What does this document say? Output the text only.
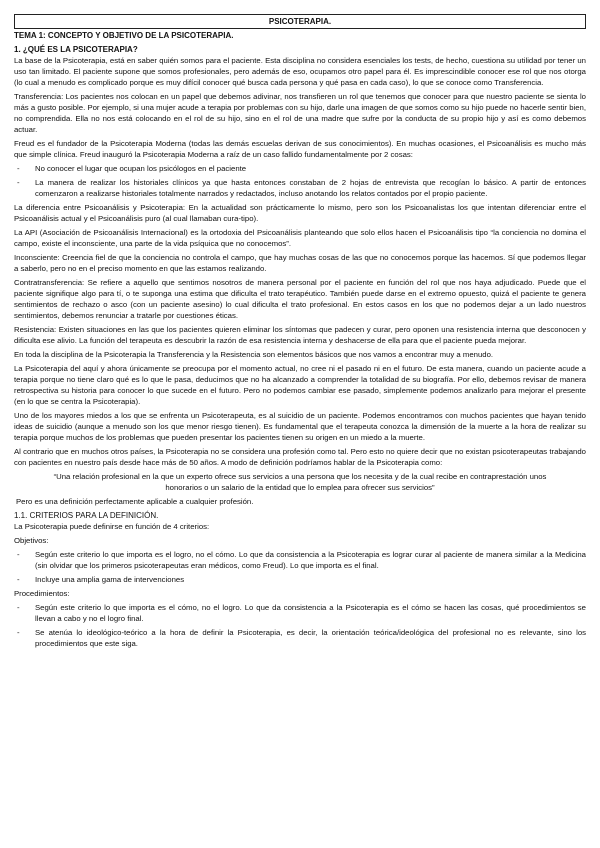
PSICOTERAPIA.
TEMA 1: CONCEPTO Y OBJETIVO DE LA PSICOTERAPIA.
1. ¿QUÉ ES LA PSICOTERAPIA?

La base de la Psicoterapia, está en saber quién somos para el paciente. Esta disciplina no considera esenciales los tests, de hecho, cuestiona su utilidad por tener un uso tan limitado. El paciente supone que somos profesionales, pero además de eso, ocupamos otro papel para él. Es imprescindible conocer ese rol que nos otorga (lo cual a menudo es complicado porque es muy difícil conocer qué busca cada persona y qué pasa en cada caso), lo que se conoce como Transferencia.

Transferencia: Los pacientes nos colocan en un papel que debemos adivinar, nos transfieren un rol que tenemos que conocer para que nuestro paciente se sienta lo más a gusto posible. Por ejemplo, si una mujer acude a terapia por problemas con su hijo, darle una imagen de que somos como su hijo puede no hacerle sentir bien, no comprendida. Ella no nos está colocando en el rol de su hijo, sino en el rol de una madre que sufre por la conducta de su propio hijo y así es como debemos actuar.

Freud es el fundador de la Psicoterapia Moderna (todas las demás escuelas derivan de sus conocimientos). En muchas ocasiones, el Psicoanálisis es mucho más que simple clínica. Freud inauguró la Psicoterapia Moderna a raíz de un caso fallido fundamentalmente por 2 cosas:

-	No conocer el lugar que ocupan los psicólogos en el paciente
-	La manera de realizar los historiales clínicos ya que hasta entonces constaban de 2 hojas de entrevista que recogían lo básico. A partir de entonces comenzaron a realizarse historiales totalmente narrados y redactados, incluso anotando los relatos contados por el propio paciente.

La diferencia entre Psicoanálisis y Psicoterapia: En la actualidad son prácticamente lo mismo, pero son los Psicoanalistas los que intentan diferenciar entre el Psicoanálisis actual y el Psicoanálisis puro (al cual llamaban cura-tipo).

La API (Asociación de Psicoanálisis Internacional) es la ortodoxia del Psicoanálisis planteando que solo ellos hacen el Psicoanálisis tipo “la conciencia no domina el campo, existe el inconsciente, una parte de la vida psíquica que no conocemos”.

Inconsciente: Creencia fiel de que la conciencia no controla el campo, que hay muchas cosas de las que no conocemos porque las hacemos. Sí que podemos llegar a saberlo, pero no en el preciso momento en que las estamos realizando.

Contratransferencia: Se refiere a aquello que sentimos nosotros de manera personal por el paciente en función del rol que nos haya adjudicado. Puede que el paciente signifique algo para tí, o te suponga una estima que dificulta el trato terapéutico. También puede darse en el extremo opuesto, quizá el paciente te genera sentimientos de rechazo o asco (con un paciente asesino) lo cual dificulta el trato profesional. En estos casos en los que no podemos dejar a un lado nuestros sentimientos, debemos renunciar a tratarle por cuestiones éticas.

Resistencia: Existen situaciones en las que los pacientes quieren eliminar los síntomas que padecen y curar, pero oponen una resistencia interna que desconocen y dificulta ese alivio. La función del terapeuta es descubrir la razón de esa resistencia interna y deshacerse de ella para que el paciente pueda mejorar.

En toda la disciplina de la Psicoterapia la Transferencia y la Resistencia son elementos básicos que nos vamos a encontrar muy a menudo.

La Psicoterapia del aquí y ahora únicamente se preocupa por el momento actual, no cree ni el pasado ni en el futuro. De esta manera, cuando un paciente acude a terapia porque no tiene claro qué es lo que le pasa, deducimos que no ha alcanzado a comprender la totalidad de su biografía. Por ello, debemos revisar de manera retrospectiva su historia para conocer lo que sucede en el futuro. Pero no podemos cambiar ese pasado, simplemente podemos analizarlo para mejorar el presente (en lo que se centra la Psicoterapia).

Uno de los mayores miedos a los que se enfrenta un Psicoterapeuta, es al suicidio de un paciente. Podemos encontramos con muchos pacientes que hayan tenido ideas de suicidio (aunque a menudo son los que menor riesgo tienen). Es fundamental que el terapeuta conozca la dimensión de la muerte a la hora de realizar su terapia porque muchos de los problemas que pueden presentar los pacientes tienen su origen en un miedo a la muerte.

Al contrario que en muchos otros países, la Psicoterapia no se considera una profesión como tal. Pero esto no quiere decir que no existan psicoterapeutas trabajando con pacientes en nuestro país desde hace más de 50 años. A modo de definición podríamos hablar de la Psicoterapia como:

“Una relación profesional en la que un experto ofrece sus servicios a una persona que los necesita y de la cual recibe en contraprestación unos honorarios o un salario de la entidad que lo emplea para ofrecer sus servicios”

Pero es una definición perfectamente aplicable a cualquier profesión.

1.1. CRITERIOS PARA LA DEFINICIÓN.

La Psicoterapia puede definirse en función de 4 criterios:

Objetivos:

-	Según este criterio lo que importa es el logro, no el cómo. Lo que da consistencia a la Psicoterapia es lograr curar al paciente de manera similar a la Medicina (sin olvidar que los primeros psicoterapeutas eran médicos, como Freud). Lo que importa es el final.
-	Incluye una amplia gama de intervenciones

Procedimientos:

-	Según este criterio lo que importa es el cómo, no el logro. Lo que da consistencia a la Psicoterapia es el cómo se hacen las cosas, qué procedimientos se llevan a cabo y no el logro final.
-	Se atenúa lo ideológico-teórico a la hora de definir la Psicoterapia, es decir, la orientación teórica/ideológica del profesional no es relevante, sino los procedimientos que este siga.
